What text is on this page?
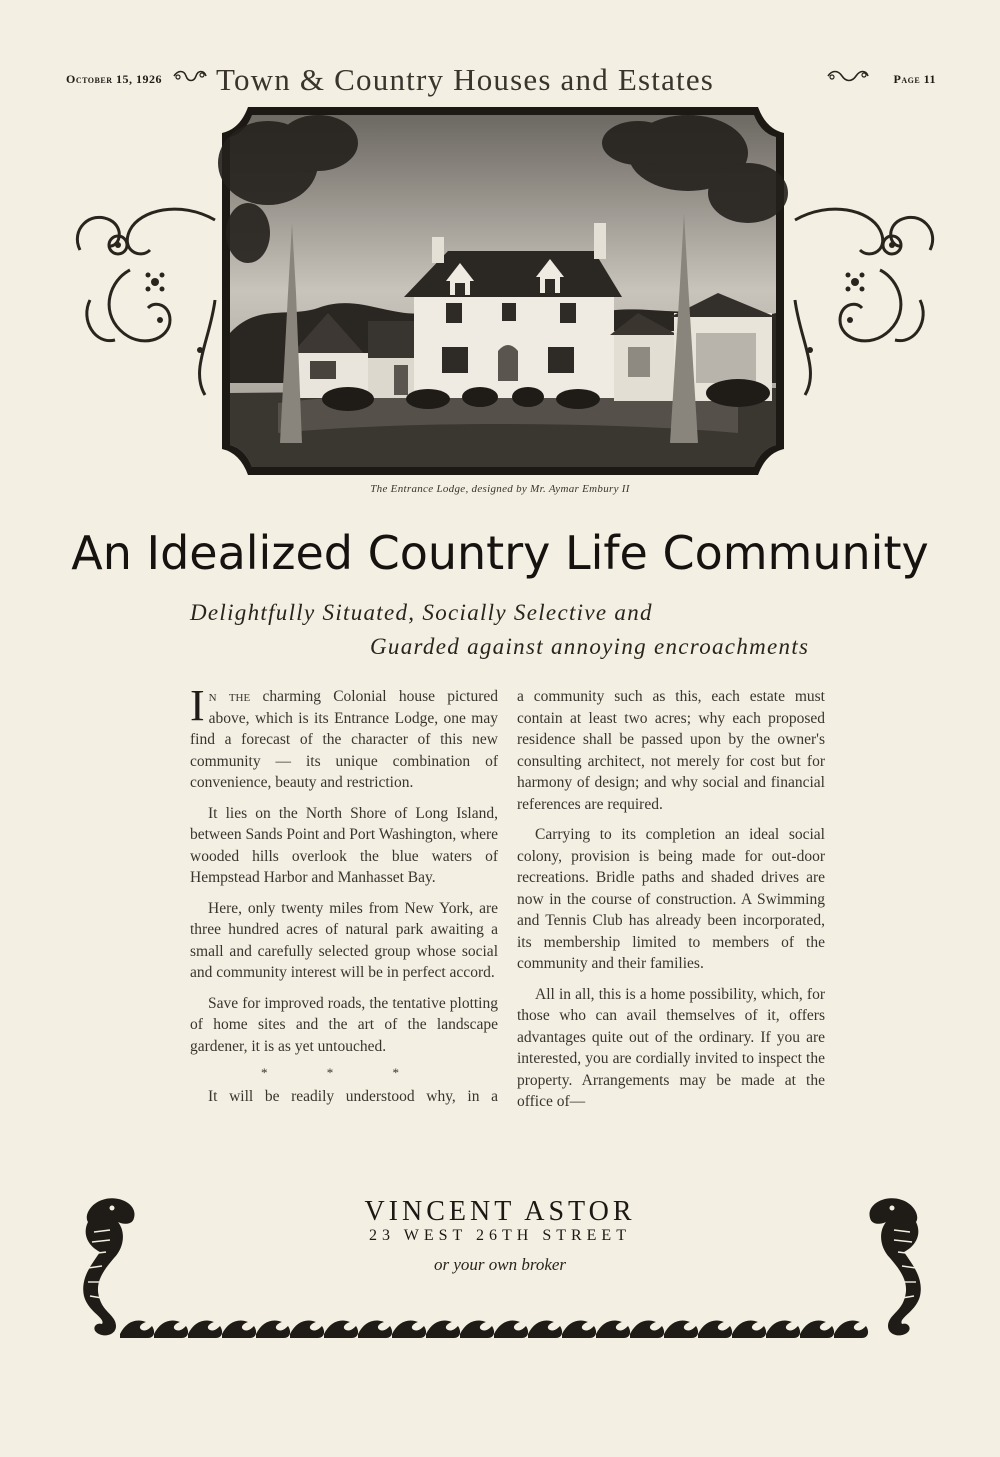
October 15, 1926 Town & Country Houses and Estates	Page 11
The Entrance Lodge, designed by Mr. Aymar Embury II
An Idealized Country Life Community
Delightfully Situated, Socially Selective and
Guarded against annoying encroachments

In the charming Colonial house pictured above, which is its Entrance Lodge, one may find a forecast of the character of this new community — its unique combination of convenience, beauty and restriction.

It lies on the North Shore of Long Island, between Sands Point and Port Washington, where wooded hills overlook the blue waters of Hempstead Harbor and Manhasset Bay.

Here, only twenty miles from New York, are three hundred acres of natural park awaiting a small and carefully selected group whose social and community interest will be in perfect accord.

Save for improved roads, the tentative plotting of home sites and the art of the landscape gardener, it is as yet untouched.

* * *

It will be readily understood why, in a

a community such as this, each estate must contain at least two acres; why each proposed residence shall be passed upon by the owner's consulting architect, not merely for cost but for harmony of design; and why social and financial references are required.

Carrying to its completion an ideal social colony, provision is being made for out-door recreations. Bridle paths and shaded drives are now in the course of construction. A Swimming and Tennis Club has already been incorporated, its membership limited to members of the community and their families.

All in all, this is a home possibility, which, for those who can avail themselves of it, offers advantages quite out of the ordinary. If you are interested, you are cordially invited to inspect the property. Arrangements may be made at the office of—

VINCENT ASTOR
23 WEST 26TH STREET
or your own broker
